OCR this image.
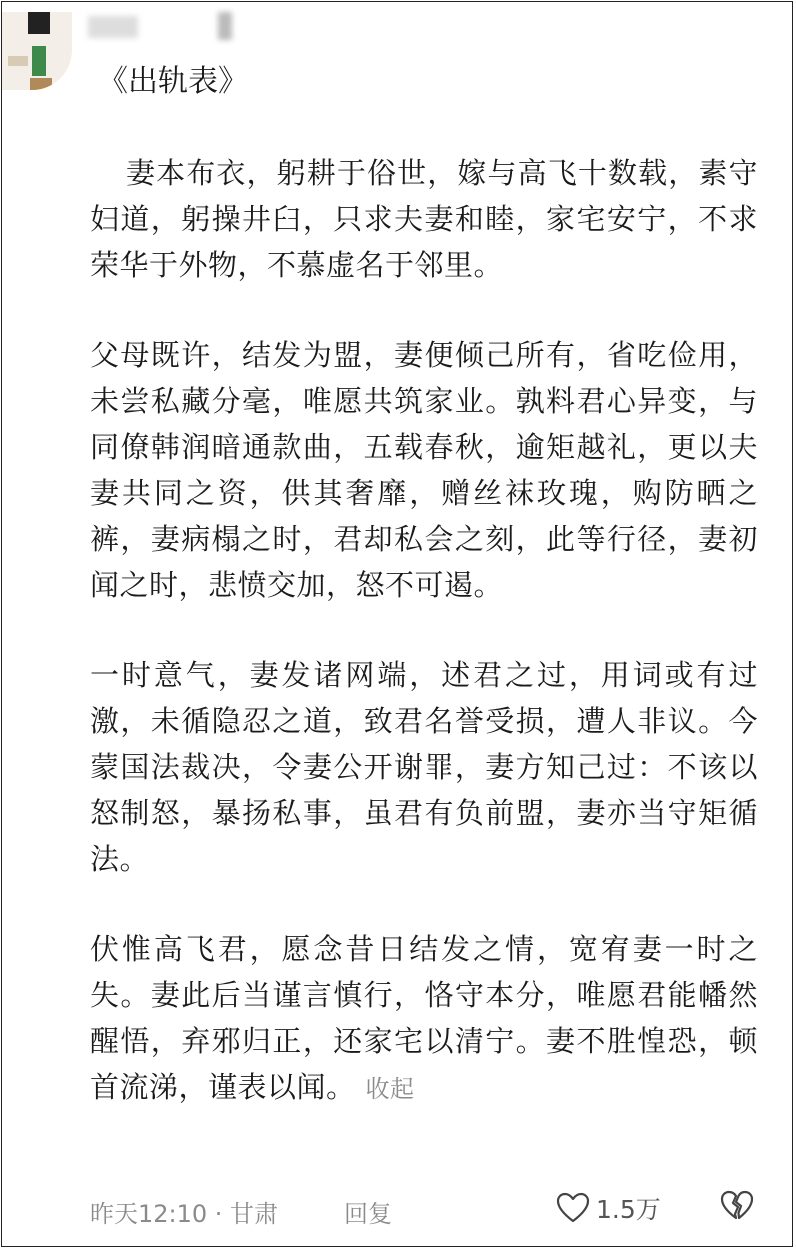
《出轨表》

妻本布衣，躬耕于俗世，嫁与高飞十数载，素守妇道，躬操井臼，只求夫妻和睦，家宅安宁，不求荣华于外物，不慕虚名于邻里。

父母既许，结发为盟，妻便倾己所有，省吃俭用，未尝私藏分毫，唯愿共筑家业。孰料君心异变，与同僚韩润暗通款曲，五载春秋，逾矩越礼，更以夫妻共同之资，供其奢靡，赠丝袜玫瑰，购防晒之裤，妻病榻之时，君却私会之刻，此等行径，妻初闻之时，悲愤交加，怒不可遏。

一时意气，妻发诸网端，述君之过，用词或有过激，未循隐忍之道，致君名誉受损，遭人非议。今蒙国法裁决，令妻公开谢罪，妻方知己过：不该以怒制怒，暴扬私事，虽君有负前盟，妻亦当守矩循法。

伏惟高飞君，愿念昔日结发之情，宽宥妻一时之失。妻此后当谨言慎行，恪守本分，唯愿君能幡然醒悟，弃邪归正，还家宅以清宁。妻不胜惶恐，顿首流涕，谨表以闻。 收起

昨天12:10 · 甘肃	回复	1.5万
